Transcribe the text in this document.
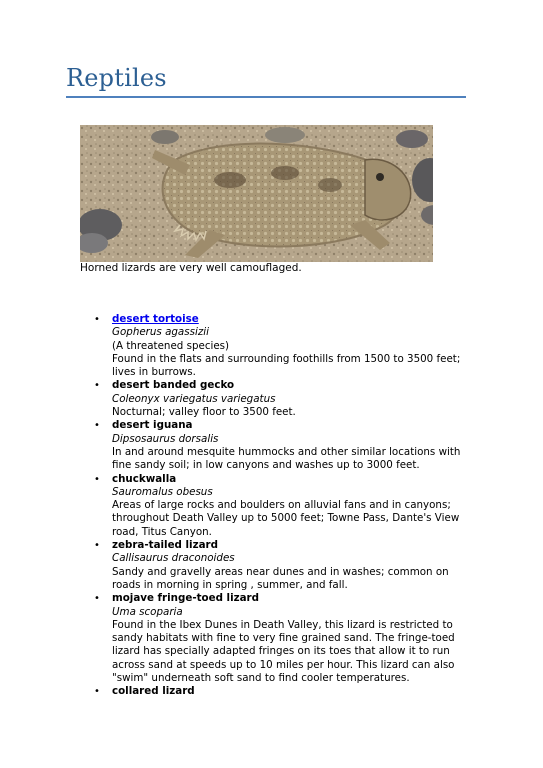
Reptiles
Horned lizards are very well camouflaged.
• desert tortoise
Gopherus agassizii
(A threatened species)
Found in the flats and surrounding foothills from 1500 to 3500 feet; lives in burrows.
• desert banded gecko
Coleonyx variegatus variegatus
Nocturnal; valley floor to 3500 feet.
• desert iguana
Dipsosaurus dorsalis
In and around mesquite hummocks and other similar locations with fine sandy soil; in low canyons and washes up to 3000 feet.
• chuckwalla
Sauromalus obesus
Areas of large rocks and boulders on alluvial fans and in canyons; throughout Death Valley up to 5000 feet; Towne Pass, Dante's View road, Titus Canyon.
• zebra-tailed lizard
Callisaurus draconoides
Sandy and gravelly areas near dunes and in washes; common on roads in morning in spring , summer, and fall.
• mojave fringe-toed lizard
Uma scoparia
Found in the Ibex Dunes in Death Valley, this lizard is restricted to sandy habitats with fine to very fine grained sand. The fringe-toed lizard has specially adapted fringes on its toes that allow it to run across sand at speeds up to 10 miles per hour. This lizard can also "swim" underneath soft sand to find cooler temperatures.
• collared lizard
